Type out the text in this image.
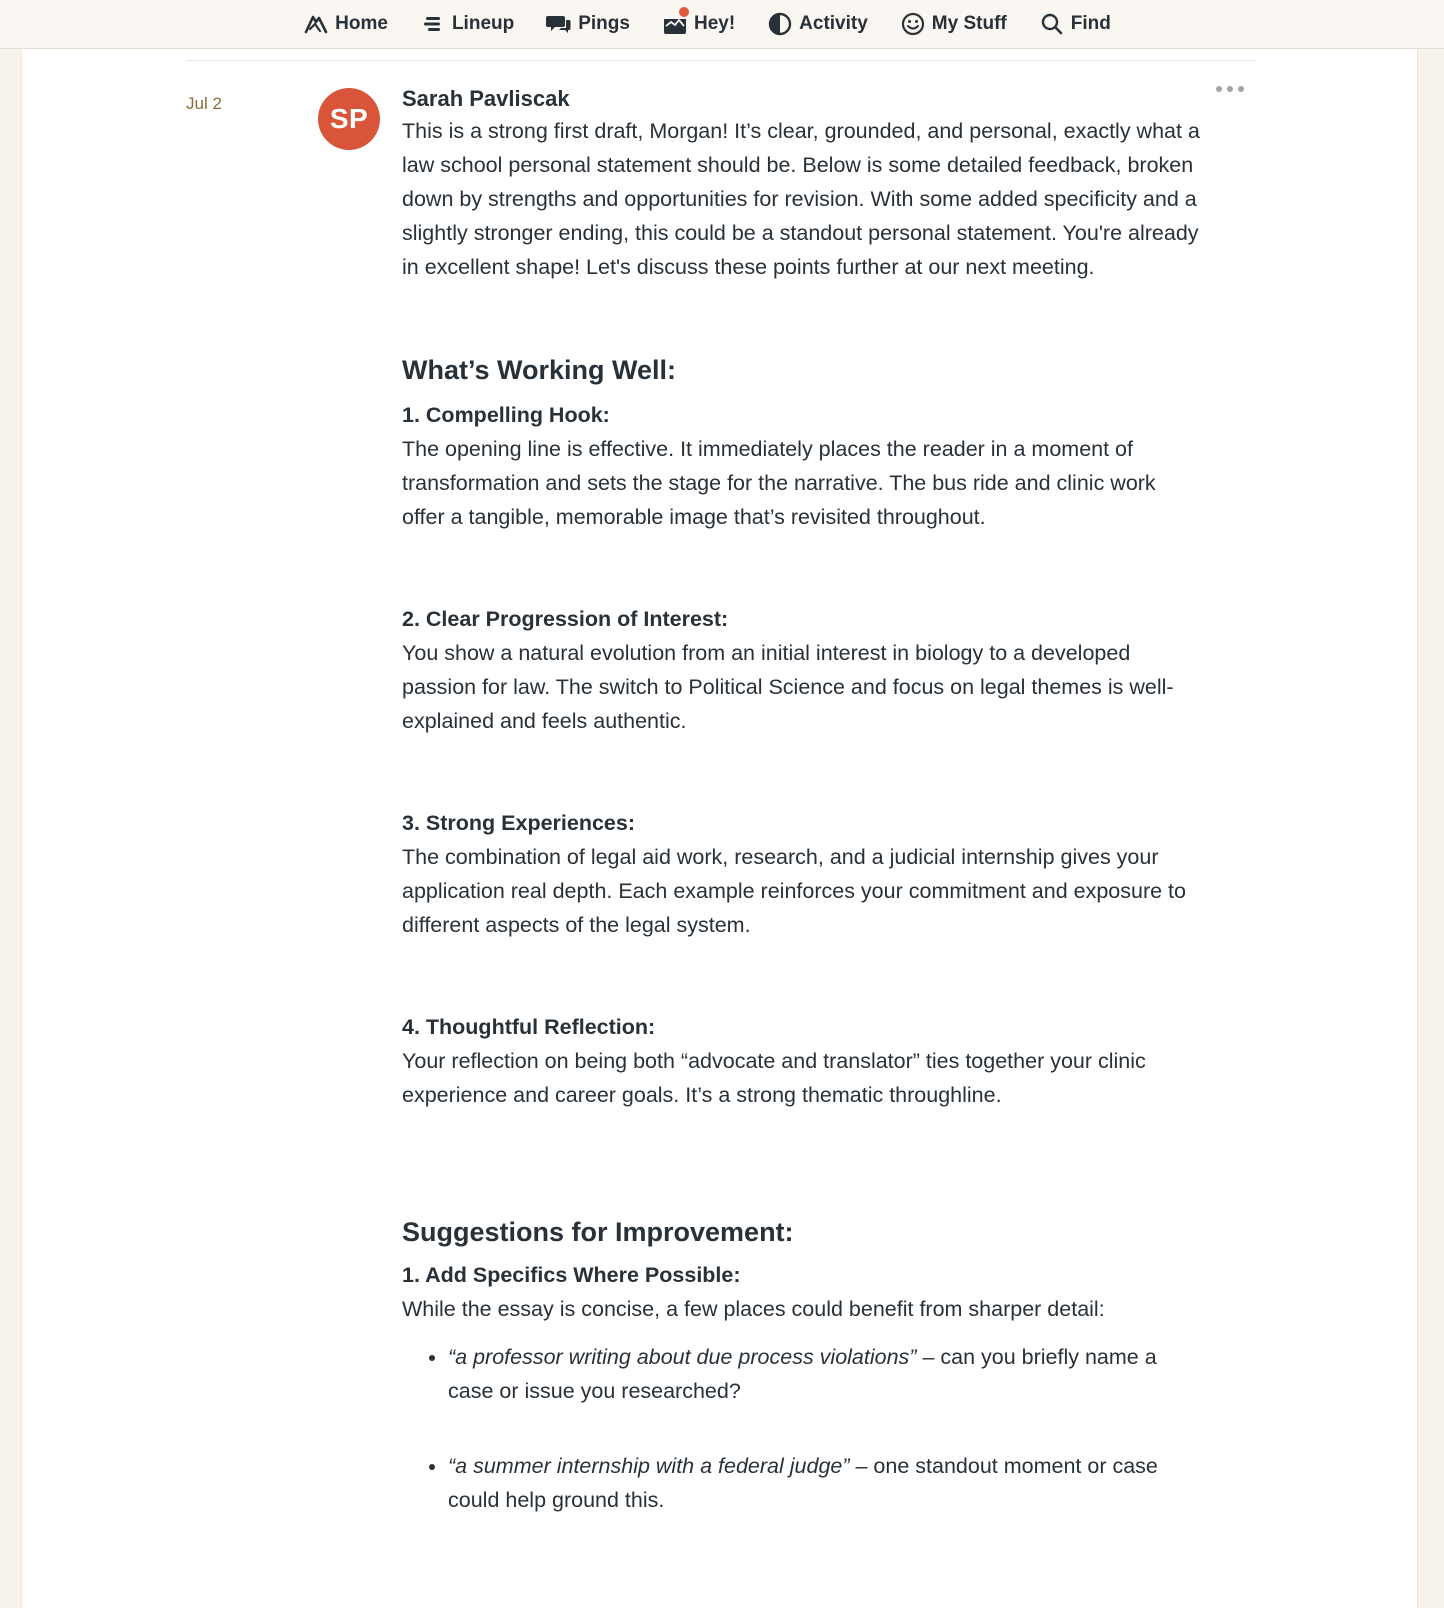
Home	Lineup	Pings	Hey!	Activity	My Stuff	Find
Jul 2	SP
Sarah Pavliscak

This is a strong first draft, Morgan! It’s clear, grounded, and personal, exactly what a law school personal statement should be. Below is some detailed feedback, broken down by strengths and opportunities for revision. With some added specificity and a slightly stronger ending, this could be a standout personal statement. You're already in excellent shape! Let's discuss these points further at our next meeting.

What’s Working Well:
1. Compelling Hook:

The opening line is effective. It immediately places the reader in a moment of transformation and sets the stage for the narrative. The bus ride and clinic work offer a tangible, memorable image that’s revisited throughout.

2. Clear Progression of Interest:

You show a natural evolution from an initial interest in biology to a developed passion for law. The switch to Political Science and focus on legal themes is well-explained and feels authentic.

3. Strong Experiences:

The combination of legal aid work, research, and a judicial internship gives your application real depth. Each example reinforces your commitment and exposure to different aspects of the legal system.

4. Thoughtful Reflection:

Your reflection on being both “advocate and translator” ties together your clinic experience and career goals. It’s a strong thematic throughline.

Suggestions for Improvement:
1. Add Specifics Where Possible:

While the essay is concise, a few places could benefit from sharper detail:

• “a professor writing about due process violations” – can you briefly name a case or issue you researched?
• “a summer internship with a federal judge” – one standout moment or case could help ground this.
